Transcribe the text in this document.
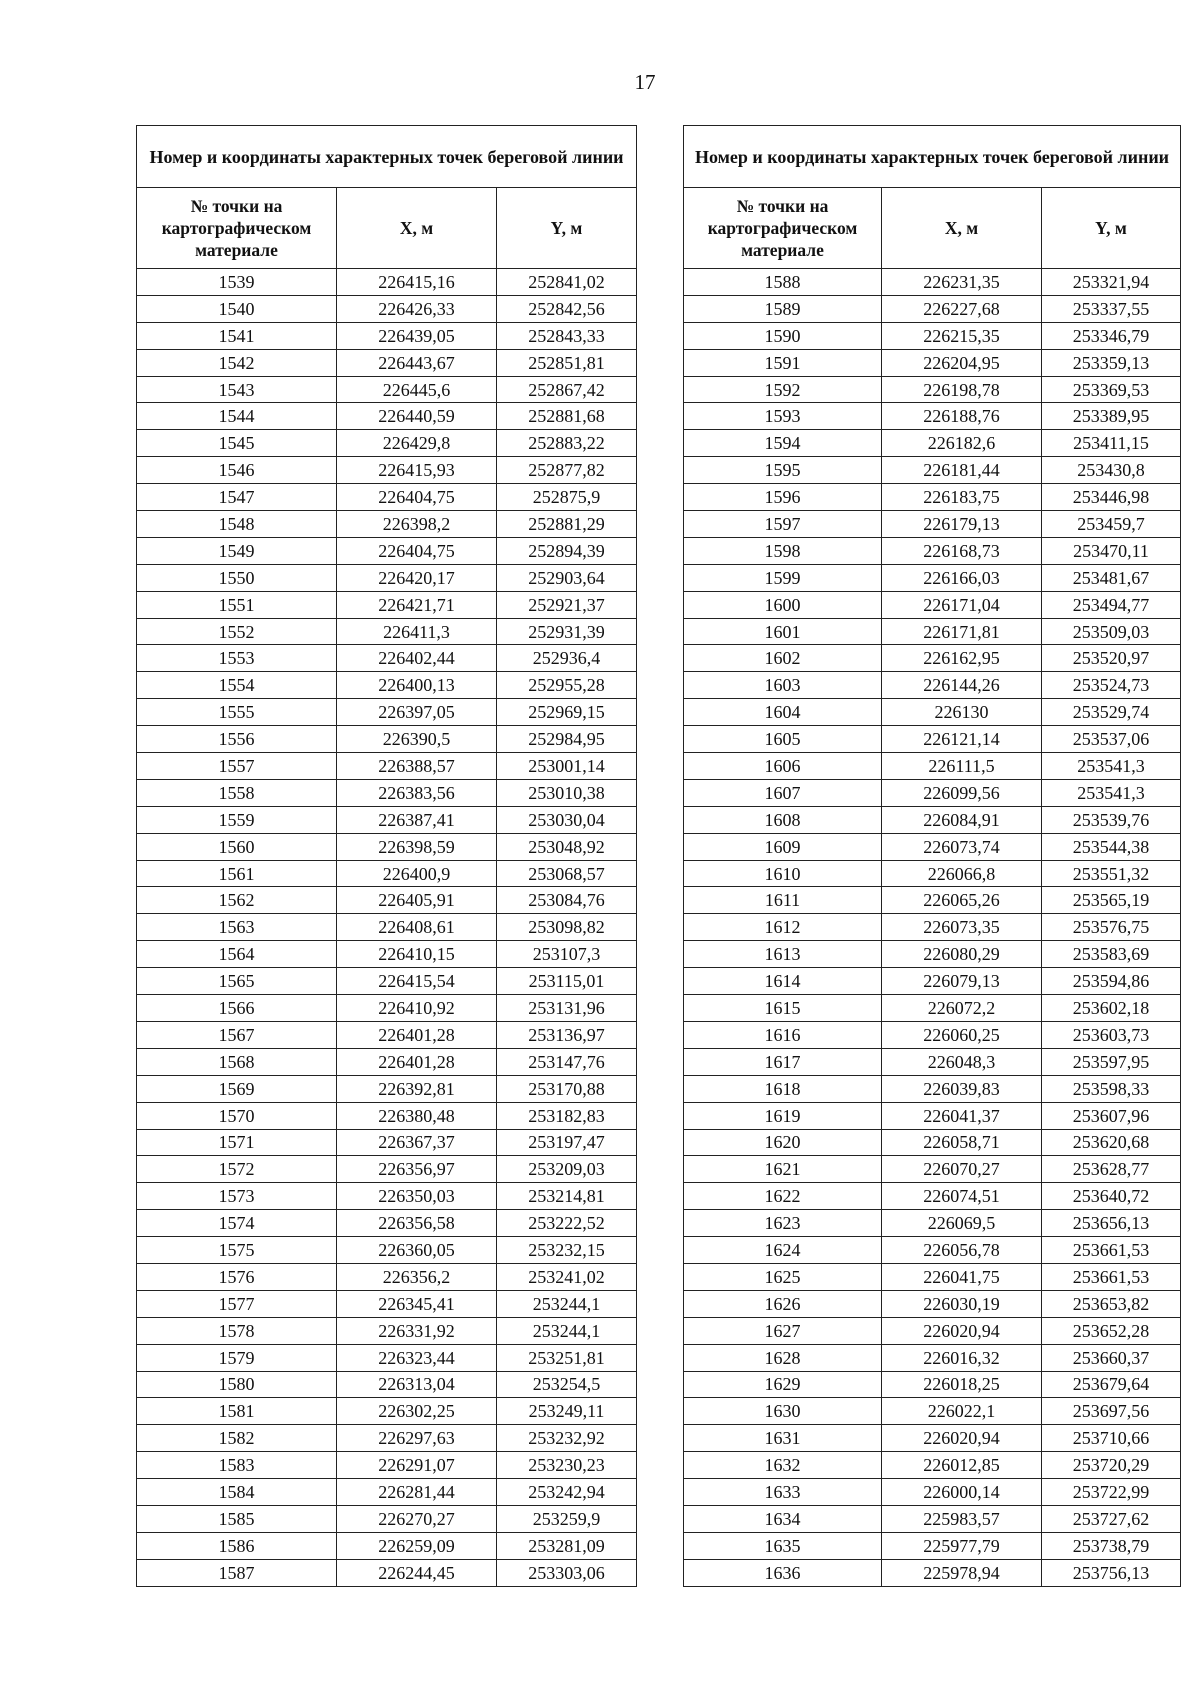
17
Номер и координаты характерных точек береговой линии		
№ точки на картографическом материале	X, м	Y, м
1539	226415,16	252841,02
1540	226426,33	252842,56
1541	226439,05	252843,33
1542	226443,67	252851,81
1543	226445,6	252867,42
1544	226440,59	252881,68
1545	226429,8	252883,22
1546	226415,93	252877,82
1547	226404,75	252875,9
1548	226398,2	252881,29
1549	226404,75	252894,39
1550	226420,17	252903,64
1551	226421,71	252921,37
1552	226411,3	252931,39
1553	226402,44	252936,4
1554	226400,13	252955,28
1555	226397,05	252969,15
1556	226390,5	252984,95
1557	226388,57	253001,14
1558	226383,56	253010,38
1559	226387,41	253030,04
1560	226398,59	253048,92
1561	226400,9	253068,57
1562	226405,91	253084,76
1563	226408,61	253098,82
1564	226410,15	253107,3
1565	226415,54	253115,01
1566	226410,92	253131,96
1567	226401,28	253136,97
1568	226401,28	253147,76
1569	226392,81	253170,88
1570	226380,48	253182,83
1571	226367,37	253197,47
1572	226356,97	253209,03
1573	226350,03	253214,81
1574	226356,58	253222,52
1575	226360,05	253232,15
1576	226356,2	253241,02
1577	226345,41	253244,1
1578	226331,92	253244,1
1579	226323,44	253251,81
1580	226313,04	253254,5
1581	226302,25	253249,11
1582	226297,63	253232,92
1583	226291,07	253230,23
1584	226281,44	253242,94
1585	226270,27	253259,9
1586	226259,09	253281,09
1587	226244,45	253303,06
Номер и координаты характерных точек береговой линии		
№ точки на картографическом материале	X, м	Y, м
1588	226231,35	253321,94
1589	226227,68	253337,55
1590	226215,35	253346,79
1591	226204,95	253359,13
1592	226198,78	253369,53
1593	226188,76	253389,95
1594	226182,6	253411,15
1595	226181,44	253430,8
1596	226183,75	253446,98
1597	226179,13	253459,7
1598	226168,73	253470,11
1599	226166,03	253481,67
1600	226171,04	253494,77
1601	226171,81	253509,03
1602	226162,95	253520,97
1603	226144,26	253524,73
1604	226130	253529,74
1605	226121,14	253537,06
1606	226111,5	253541,3
1607	226099,56	253541,3
1608	226084,91	253539,76
1609	226073,74	253544,38
1610	226066,8	253551,32
1611	226065,26	253565,19
1612	226073,35	253576,75
1613	226080,29	253583,69
1614	226079,13	253594,86
1615	226072,2	253602,18
1616	226060,25	253603,73
1617	226048,3	253597,95
1618	226039,83	253598,33
1619	226041,37	253607,96
1620	226058,71	253620,68
1621	226070,27	253628,77
1622	226074,51	253640,72
1623	226069,5	253656,13
1624	226056,78	253661,53
1625	226041,75	253661,53
1626	226030,19	253653,82
1627	226020,94	253652,28
1628	226016,32	253660,37
1629	226018,25	253679,64
1630	226022,1	253697,56
1631	226020,94	253710,66
1632	226012,85	253720,29
1633	226000,14	253722,99
1634	225983,57	253727,62
1635	225977,79	253738,79
1636	225978,94	253756,13
